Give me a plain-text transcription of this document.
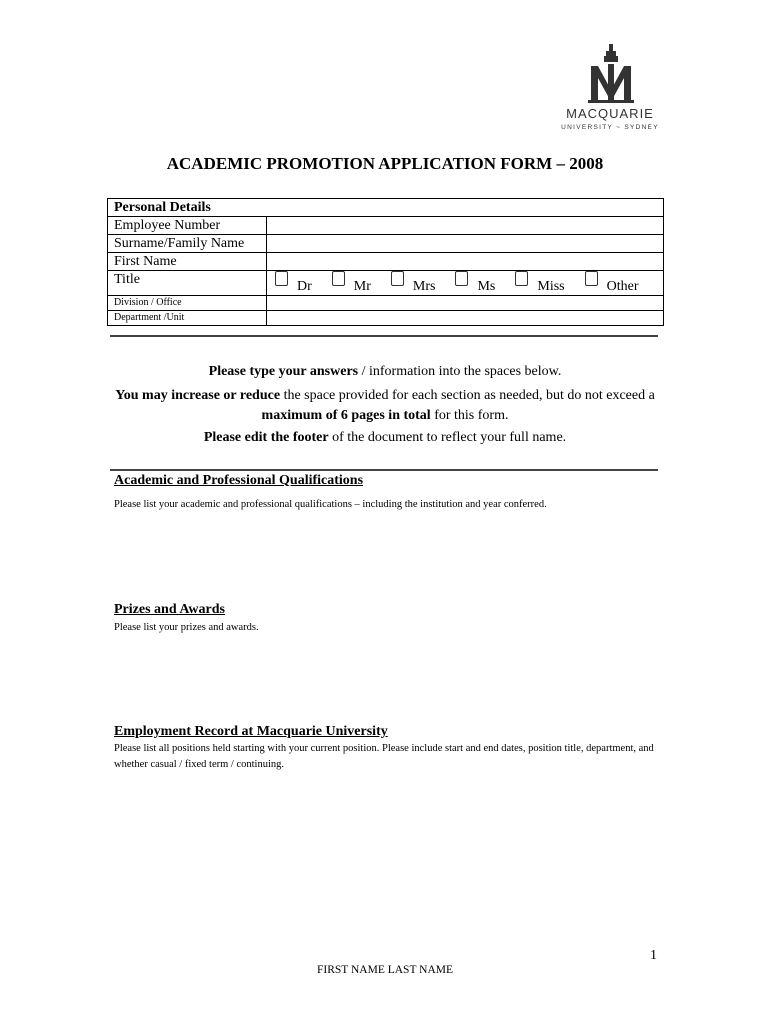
MACQUARIE
UNIVERSITY ~ SYDNEY
ACADEMIC PROMOTION APPLICATION FORM – 2008
Personal Details	
Employee Number	
Surname/Family Name	
First Name	
Title	Dr Mr Mrs Ms Miss Other
Division / Office	
Department /Unit	

Please type your answers / information into the spaces below.

You may increase or reduce the space provided for each section as needed, but do not exceed a maximum of 6 pages in total for this form.

Please edit the footer of the document to reflect your full name.

Academic and Professional Qualifications

Please list your academic and professional qualifications – including the institution and year conferred.

Prizes and Awards

Please list your prizes and awards.

Employment Record at Macquarie University

Please list all positions held starting with your current position. Please include start and end dates, position title, department, and whether casual / fixed term / continuing.

1
FIRST NAME LAST NAME
